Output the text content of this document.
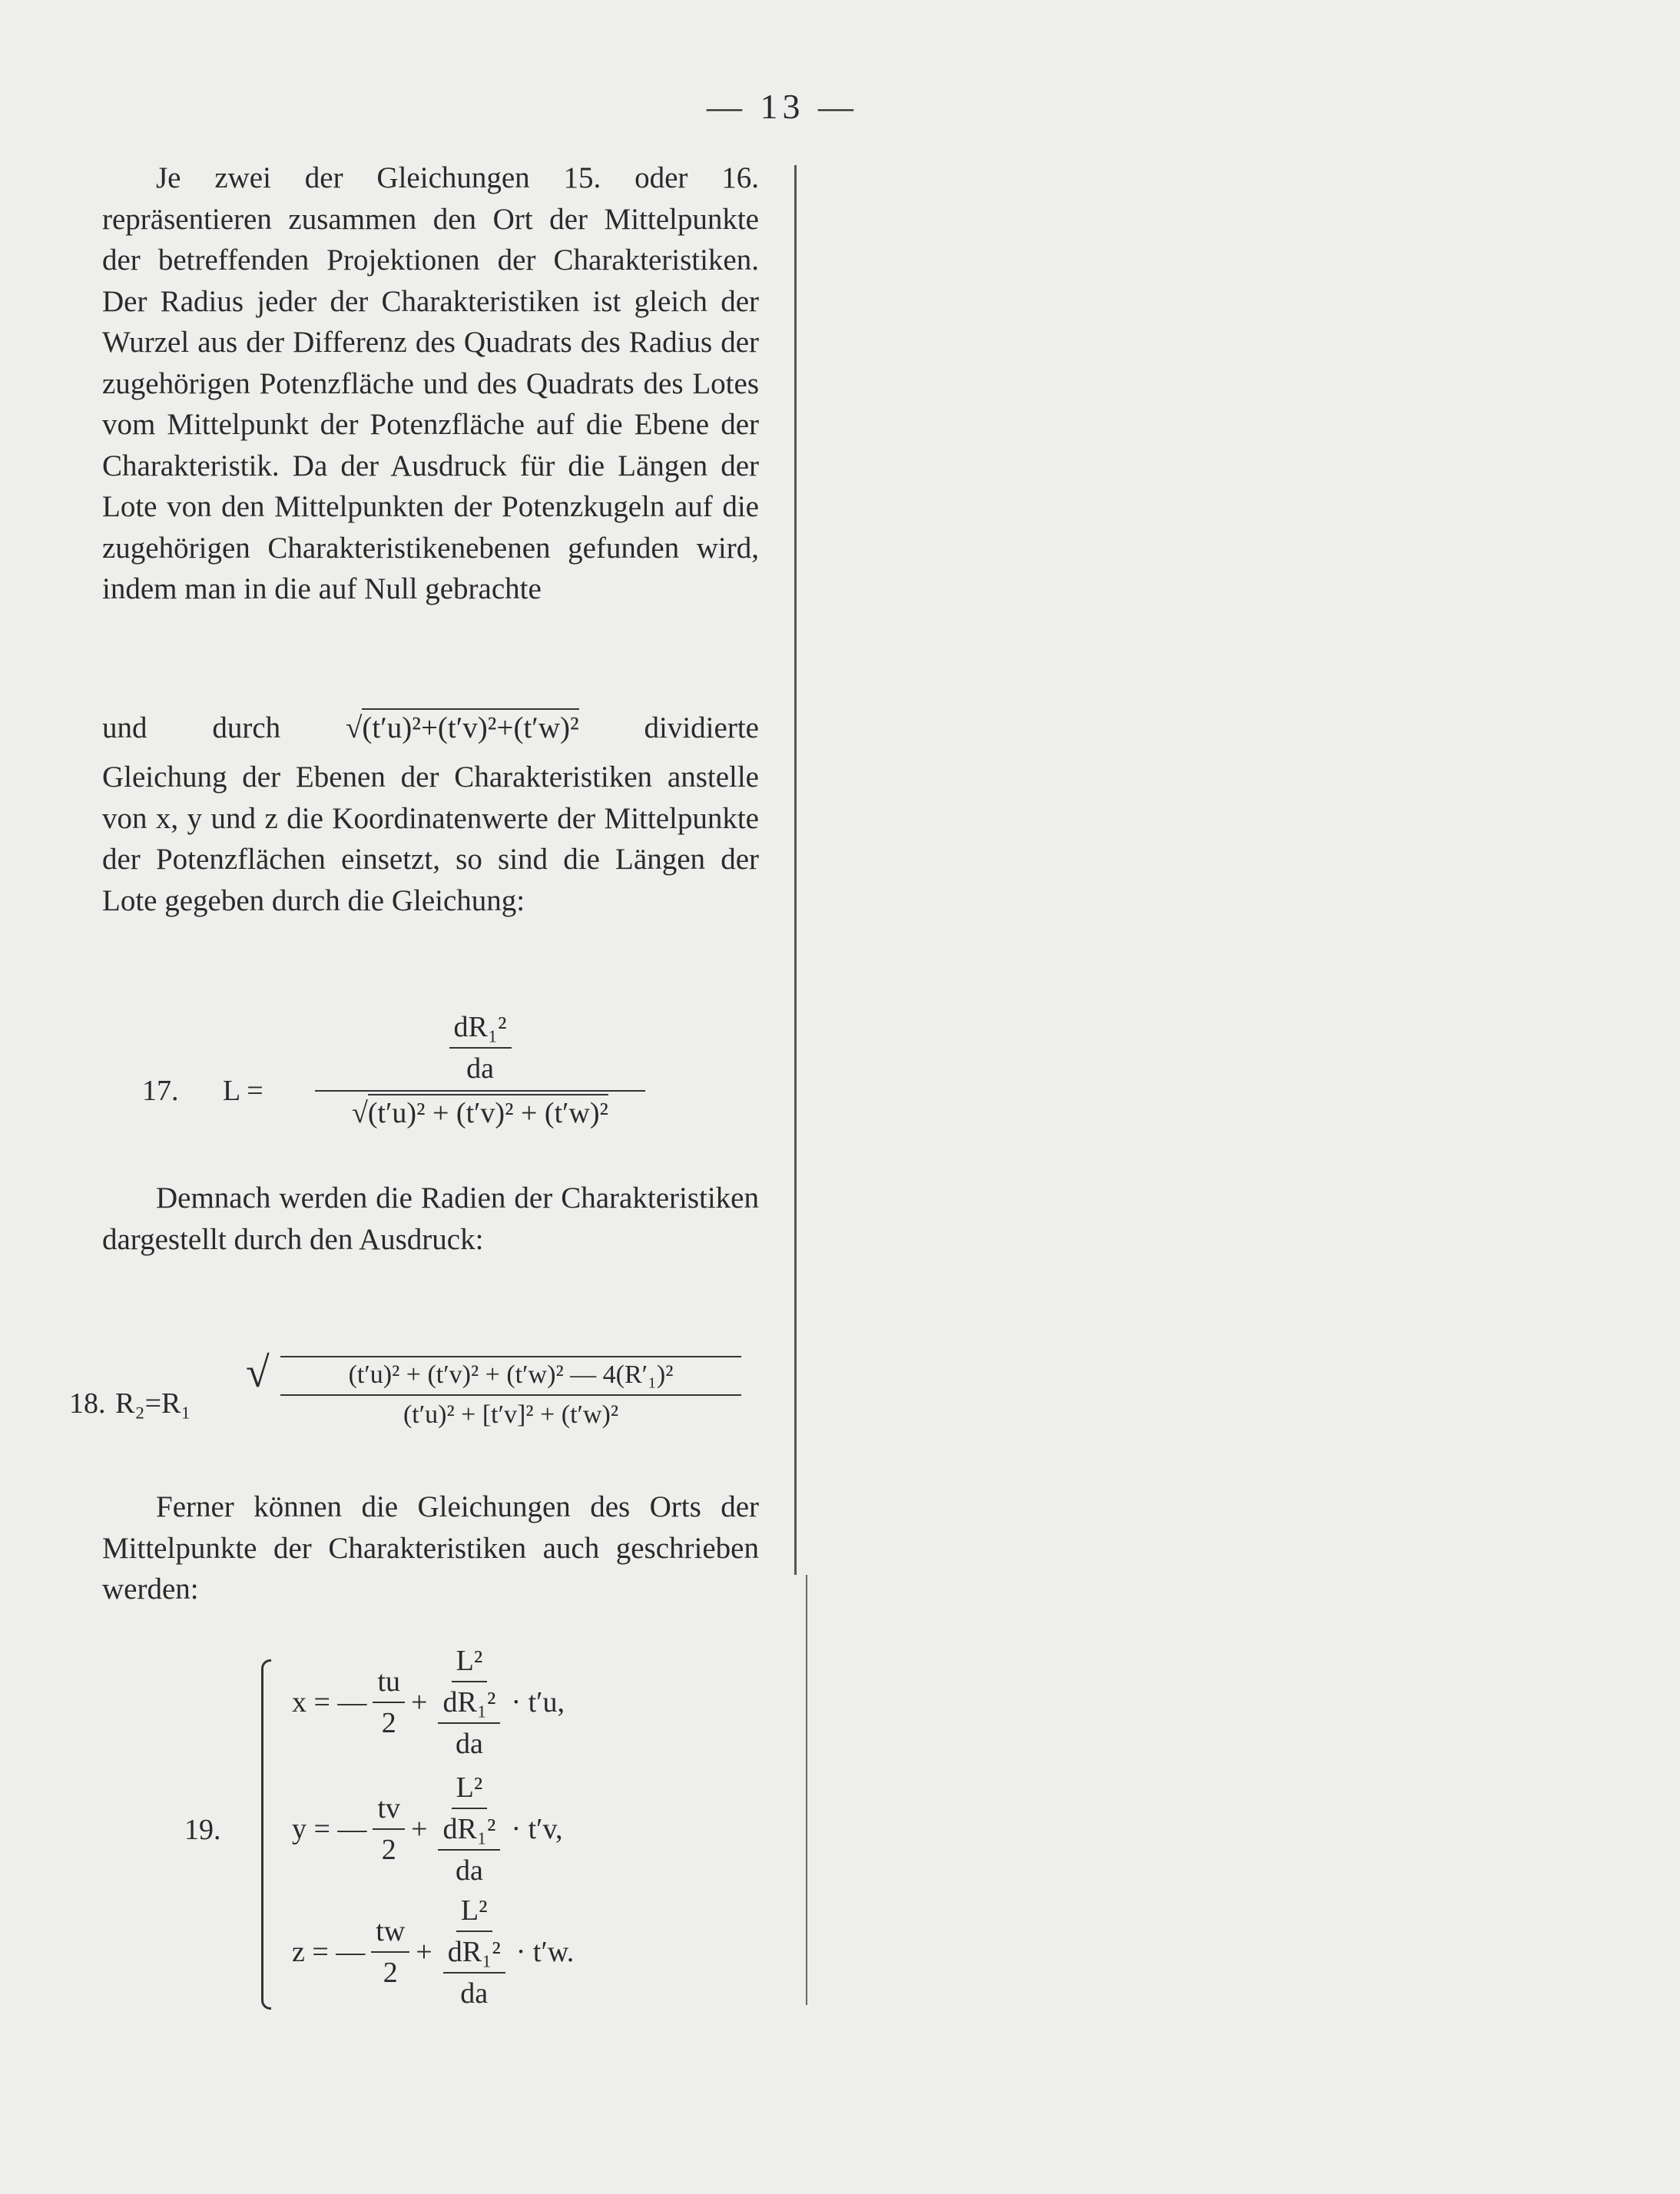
— 13 —

Je zwei der Gleichungen 15. oder 16. repräsentieren zusammen den Ort der Mittelpunkte der betreffenden Projektionen der Charakteristiken. Der Radius jeder der Charakteristiken ist gleich der Wurzel aus der Differenz des Quadrats des Radius der zugehörigen Potenzfläche und des Quadrats des Lotes vom Mittelpunkt der Potenzfläche auf die Ebene der Charakteristik. Da der Ausdruck für die Längen der Lote von den Mittelpunkten der Potenzkugeln auf die zugehörigen Charakteristikenebenen gefunden wird, indem man in die auf Null gebrachte

und durch √(t′u)²+(t′v)²+(t′w)² dividierte

Gleichung der Ebenen der Charakteristiken anstelle von x, y und z die Koordinatenwerte der Mittelpunkte der Potenzflächen einsetzt, so sind die Längen der Lote gegeben durch die Gleichung:

17. L =
$\frac{\text{dR₁²}}{da}$
√(t′u)² + (t′v)² + (t′w)²

Demnach werden die Radien der Charakteristiken dargestellt durch den Ausdruck:

18. R₂=R₁
√ $\frac{\text{(t′u)² + (t′v)² + (t′w)² — 4(R′₁)²}}{\text{(t′u)² + [t′v]² + (t′w)²}}$

Ferner können die Gleichungen des Orts der Mittelpunkte der Charakteristiken auch geschrieben werden:

19.
x = — $\frac{tu}{2} + \frac{\text{L²}}{\frac{\text{dR₁²}}{da}} \cdot t'u$,
y = — $\frac{tv}{2} + \frac{\text{L²}}{\frac{\text{dR₁²}}{da}} \cdot t'v$,
z = — $\frac{tw}{2} + \frac{\text{L²}}{\frac{\text{dR₁²}}{da}} \cdot t'w$.
